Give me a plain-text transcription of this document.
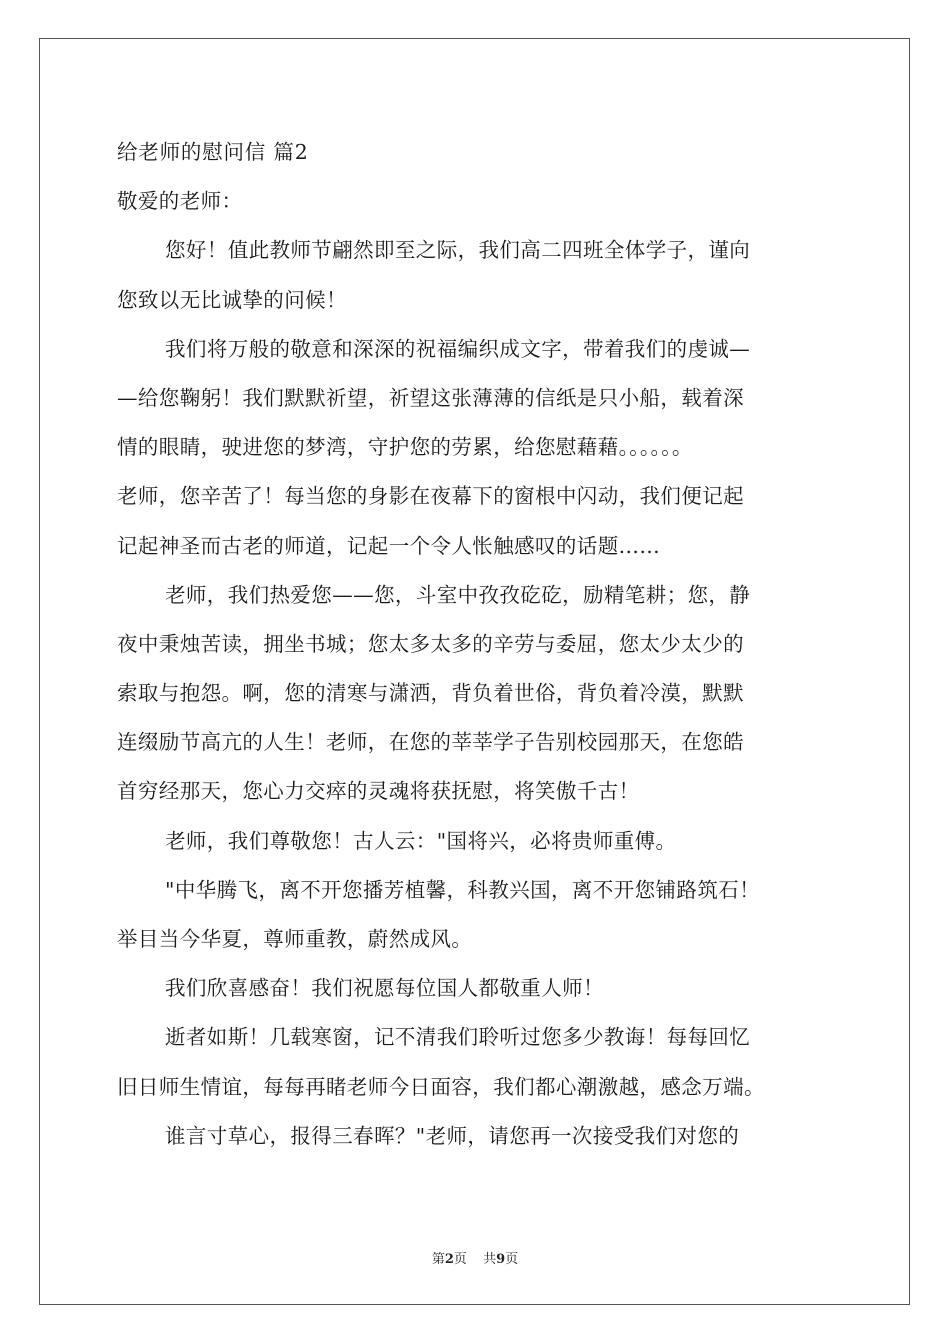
给老师的慰问信 篇2
敬爱的老师：
您好！值此教师节翩然即至之际，我们高二四班全体学子，谨向
您致以无比诚挚的问候！
我们将万般的敬意和深深的祝福编织成文字，带着我们的虔诚—
—给您鞠躬！我们默默祈望，祈望这张薄薄的信纸是只小船，载着深
情的眼睛，驶进您的梦湾，守护您的劳累，给您慰藉藉。。。。。。
老师，您辛苦了！每当您的身影在夜幕下的窗根中闪动，我们便记起
记起神圣而古老的师道，记起一个令人怅触感叹的话题......
老师，我们热爱您——您，斗室中孜孜矻矻，励精笔耕；您，静
夜中秉烛苦读，拥坐书城；您太多太多的辛劳与委屈，您太少太少的
索取与抱怨。啊，您的清寒与潇洒，背负着世俗，背负着冷漠，默默
连缀励节高亢的人生！老师，在您的莘莘学子告别校园那天，在您皓
首穷经那天，您心力交瘁的灵魂将获抚慰，将笑傲千古！
老师，我们尊敬您！古人云："国将兴，必将贵师重傅。
"中华腾飞，离不开您播芳植馨，科教兴国，离不开您铺路筑石！
举目当今华夏，尊师重教，蔚然成风。
我们欣喜感奋！我们祝愿每位国人都敬重人师！
逝者如斯！几载寒窗，记不清我们聆听过您多少教诲！每每回忆
旧日师生情谊，每每再睹老师今日面容，我们都心潮激越，感念万端。
谁言寸草心，报得三春晖？"老师，请您再一次接受我们对您的
第2页 共9页
